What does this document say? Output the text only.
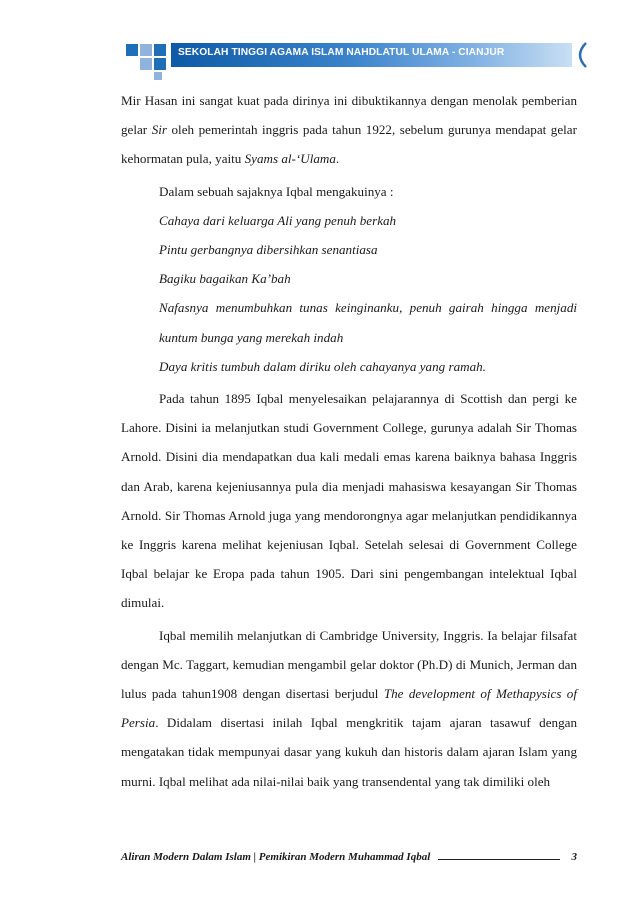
SEKOLAH TINGGI AGAMA ISLAM NAHDLATUL ULAMA - CIANJUR

Mir Hasan ini sangat kuat pada dirinya ini dibuktikannya dengan menolak pemberian gelar Sir oleh pemerintah inggris pada tahun 1922, sebelum gurunya mendapat gelar kehormatan pula, yaitu Syams al-‘Ulama.

Dalam sebuah sajaknya Iqbal mengakuinya :
Cahaya dari keluarga Ali yang penuh berkah
Pintu gerbangnya dibersihkan senantiasa
Bagiku bagaikan Ka’bah
Nafasnya menumbuhkan tunas keinginanku, penuh gairah hingga menjadi
kuntum bunga yang merekah indah
Daya kritis tumbuh dalam diriku oleh cahayanya yang ramah.

Pada tahun 1895 Iqbal menyelesaikan pelajarannya di Scottish dan pergi ke Lahore. Disini ia melanjutkan studi Government College, gurunya adalah Sir Thomas Arnold. Disini dia mendapatkan dua kali medali emas karena baiknya bahasa Inggris dan Arab, karena kejeniusannya pula dia menjadi mahasiswa kesayangan Sir Thomas Arnold. Sir Thomas Arnold juga yang mendorongnya agar melanjutkan pendidikannya ke Inggris karena melihat kejeniusan Iqbal. Setelah selesai di Government College Iqbal belajar ke Eropa pada tahun 1905. Dari sini pengembangan intelektual Iqbal dimulai.

Iqbal memilih melanjutkan di Cambridge University, Inggris. Ia belajar filsafat dengan Mc. Taggart, kemudian mengambil gelar doktor (Ph.D) di Munich, Jerman dan lulus pada tahun1908 dengan disertasi berjudul The development of Methapysics of Persia. Didalam disertasi inilah Iqbal mengkritik tajam ajaran tasawuf dengan mengatakan tidak mempunyai dasar yang kukuh dan historis dalam ajaran Islam yang murni. Iqbal melihat ada nilai-nilai baik yang transendental yang tak dimiliki oleh

Aliran Modern Dalam Islam | Pemikiran Modern Muhammad Iqbal	3
